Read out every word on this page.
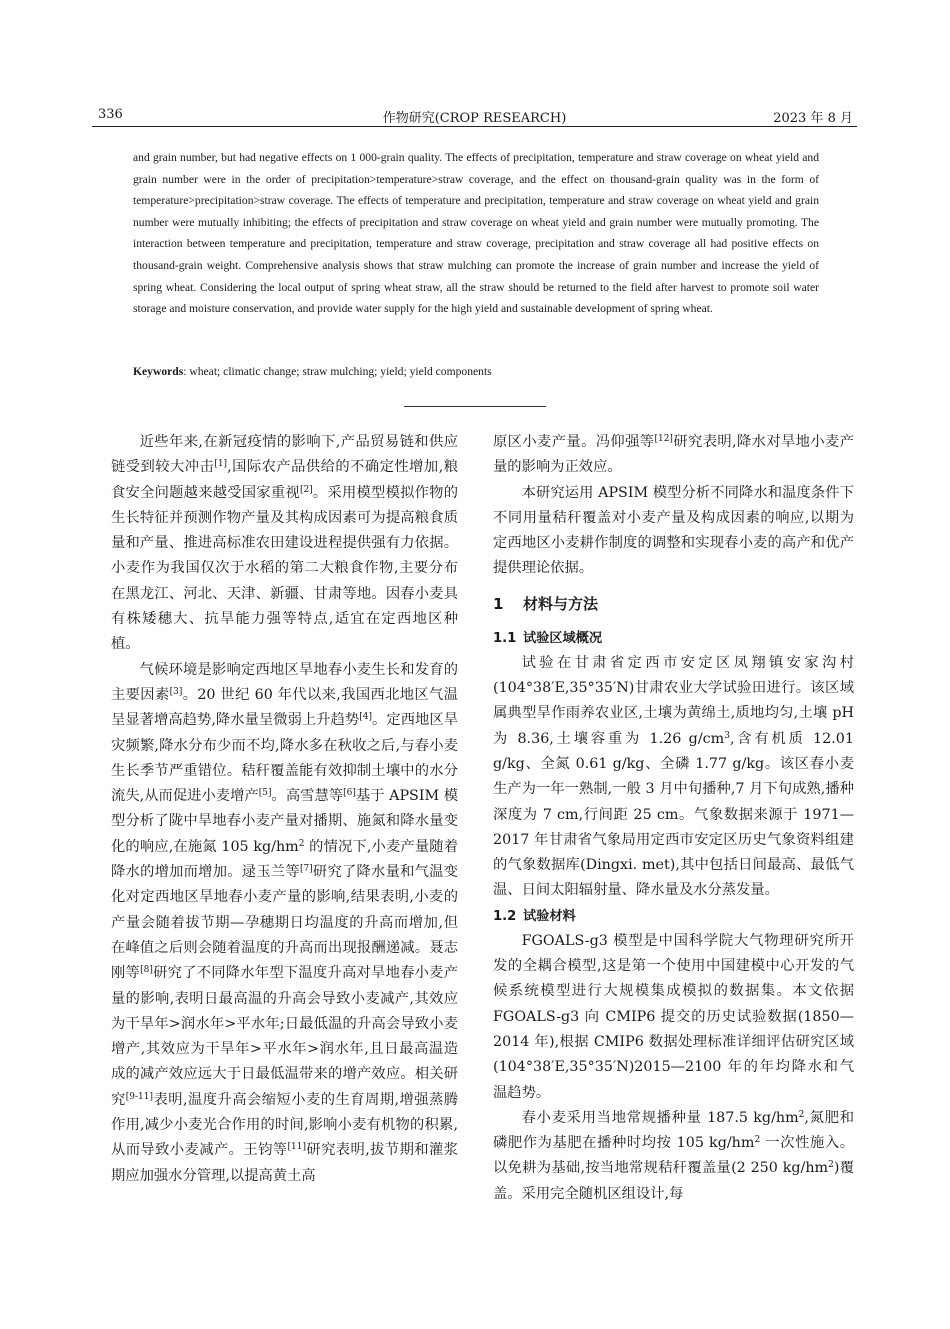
336	作物研究(CROP RESEARCH)	2023 年 8 月
and grain number, but had negative effects on 1 000-grain quality. The effects of precipitation, temperature and straw coverage on wheat yield and grain number were in the order of precipitation>temperature>straw coverage, and the effect on thousand-grain quality was in the form of temperature>precipitation>straw coverage. The effects of temperature and precipitation, temperature and straw coverage on wheat yield and grain number were mutually inhibiting; the effects of precipitation and straw coverage on wheat yield and grain number were mutually promoting. The interaction between temperature and precipitation, temperature and straw coverage, precipitation and straw coverage all had positive effects on thousand-grain weight. Comprehensive analysis shows that straw mulching can promote the increase of grain number and increase the yield of spring wheat. Considering the local output of spring wheat straw, all the straw should be returned to the field after harvest to promote soil water storage and moisture conservation, and provide water supply for the high yield and sustainable development of spring wheat.
Keywords: wheat; climatic change; straw mulching; yield; yield components

近些年来,在新冠疫情的影响下,产品贸易链和供应链受到较大冲击[1],国际农产品供给的不确定性增加,粮食安全问题越来越受国家重视[2]。采用模型模拟作物的生长特征并预测作物产量及其构成因素可为提高粮食质量和产量、推进高标准农田建设进程提供强有力依据。小麦作为我国仅次于水稻的第二大粮食作物,主要分布在黑龙江、河北、天津、新疆、甘肃等地。因春小麦具有株矮穗大、抗旱能力强等特点,适宜在定西地区种植。

气候环境是影响定西地区旱地春小麦生长和发育的主要因素[3]。20 世纪 60 年代以来,我国西北地区气温呈显著增高趋势,降水量呈微弱上升趋势[4]。定西地区旱灾频繁,降水分布少而不均,降水多在秋收之后,与春小麦生长季节严重错位。秸秆覆盖能有效抑制土壤中的水分流失,从而促进小麦增产[5]。高雪慧等[6]基于 APSIM 模型分析了陇中旱地春小麦产量对播期、施氮和降水量变化的响应,在施氮 105 $kg/hm^2$ 的情况下,小麦产量随着降水的增加而增加。逯玉兰等[7]研究了降水量和气温变化对定西地区旱地春小麦产量的影响,结果表明,小麦的产量会随着拔节期—孕穗期日均温度的升高而增加,但在峰值之后则会随着温度的升高而出现报酬递减。聂志刚等[8]研究了不同降水年型下温度升高对旱地春小麦产量的影响,表明日最高温的升高会导致小麦减产,其效应为干旱年>润水年>平水年;日最低温的升高会导致小麦增产,其效应为干旱年>平水年>润水年,且日最高温造成的减产效应远大于日最低温带来的增产效应。相关研究[9-11]表明,温度升高会缩短小麦的生育周期,增强蒸腾作用,减少小麦光合作用的时间,影响小麦有机物的积累,从而导致小麦减产。王钧等[11]研究表明,拔节期和灌浆期应加强水分管理,以提高黄土高

原区小麦产量。冯仰强等[12]研究表明,降水对旱地小麦产量的影响为正效应。

本研究运用 APSIM 模型分析不同降水和温度条件下不同用量秸秆覆盖对小麦产量及构成因素的响应,以期为定西地区小麦耕作制度的调整和实现春小麦的高产和优产提供理论依据。

1 材料与方法
1.1 试验区域概况

试验在甘肃省定西市安定区凤翔镇安家沟村(104°38′E,35°35′N)甘肃农业大学试验田进行。该区域属典型旱作雨养农业区,土壤为黄绵土,质地均匀,土壤 pH 为 8.36,土壤容重为 1.26 $g/cm^3$,含有机质 12.01 g/kg、全氮 0.61 g/kg、全磷 1.77 g/kg。该区春小麦生产为一年一熟制,一般 3 月中旬播种,7 月下旬成熟,播种深度为 7 cm,行间距 25 cm。气象数据来源于 1971—2017 年甘肃省气象局用定西市安定区历史气象资料组建的气象数据库(Dingxi. met),其中包括日间最高、最低气温、日间太阳辐射量、降水量及水分蒸发量。

1.2 试验材料

FGOALS-g3 模型是中国科学院大气物理研究所开发的全耦合模型,这是第一个使用中国建模中心开发的气候系统模型进行大规模集成模拟的数据集。本文依据 FGOALS-g3 向 CMIP6 提交的历史试验数据(1850—2014 年),根据 CMIP6 数据处理标准详细评估研究区域(104°38′E,35°35′N)2015—2100 年的年均降水和气温趋势。

春小麦采用当地常规播种量 187.5 $kg/hm^2$,氮肥和磷肥作为基肥在播种时均按 105 $kg/hm^2$ 一次性施入。以免耕为基础,按当地常规秸秆覆盖量(2 250 $kg/hm^2$)覆盖。采用完全随机区组设计,每
